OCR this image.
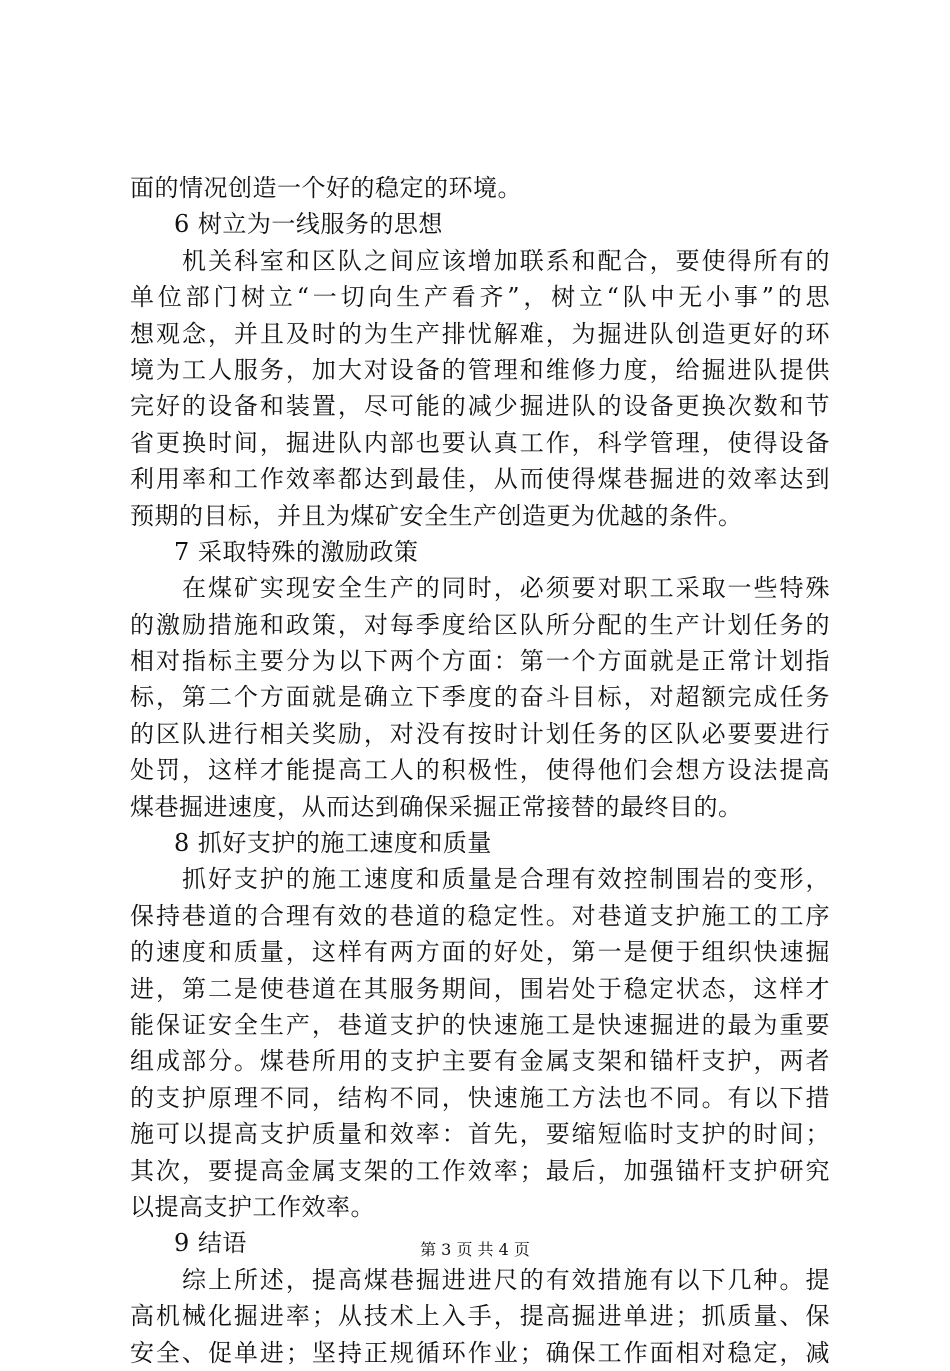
面的情况创造一个好的稳定的环境。
6 树立为一线服务的思想
机关科室和区队之间应该增加联系和配合，要使得所有的
单位部门树立“一切向生产看齐”，树立“队中无小事”的思
想观念，并且及时的为生产排忧解难，为掘进队创造更好的环
境为工人服务，加大对设备的管理和维修力度，给掘进队提供
完好的设备和装置，尽可能的减少掘进队的设备更换次数和节
省更换时间，掘进队内部也要认真工作，科学管理，使得设备
利用率和工作效率都达到最佳，从而使得煤巷掘进的效率达到
预期的目标，并且为煤矿安全生产创造更为优越的条件。
7 采取特殊的激励政策
在煤矿实现安全生产的同时，必须要对职工采取一些特殊
的激励措施和政策，对每季度给区队所分配的生产计划任务的
相对指标主要分为以下两个方面：第一个方面就是正常计划指
标，第二个方面就是确立下季度的奋斗目标，对超额完成任务
的区队进行相关奖励，对没有按时计划任务的区队必要要进行
处罚，这样才能提高工人的积极性，使得他们会想方设法提高
煤巷掘进速度，从而达到确保采掘正常接替的最终目的。
8 抓好支护的施工速度和质量
抓好支护的施工速度和质量是合理有效控制围岩的变形，
保持巷道的合理有效的巷道的稳定性。对巷道支护施工的工序
的速度和质量，这样有两方面的好处，第一是便于组织快速掘
进，第二是使巷道在其服务期间，围岩处于稳定状态，这样才
能保证安全生产，巷道支护的快速施工是快速掘进的最为重要
组成部分。煤巷所用的支护主要有金属支架和锚杆支护，两者
的支护原理不同，结构不同，快速施工方法也不同。有以下措
施可以提高支护质量和效率：首先，要缩短临时支护的时间；
其次，要提高金属支架的工作效率；最后，加强锚杆支护研究
以提高支护工作效率。
9 结语
综上所述，提高煤巷掘进进尺的有效措施有以下几种。提
高机械化掘进率；从技术上入手，提高掘进单进；抓质量、保
安全、促单进；坚持正规循环作业；确保工作面相对稳定，减
第 3 页 共 4 页
